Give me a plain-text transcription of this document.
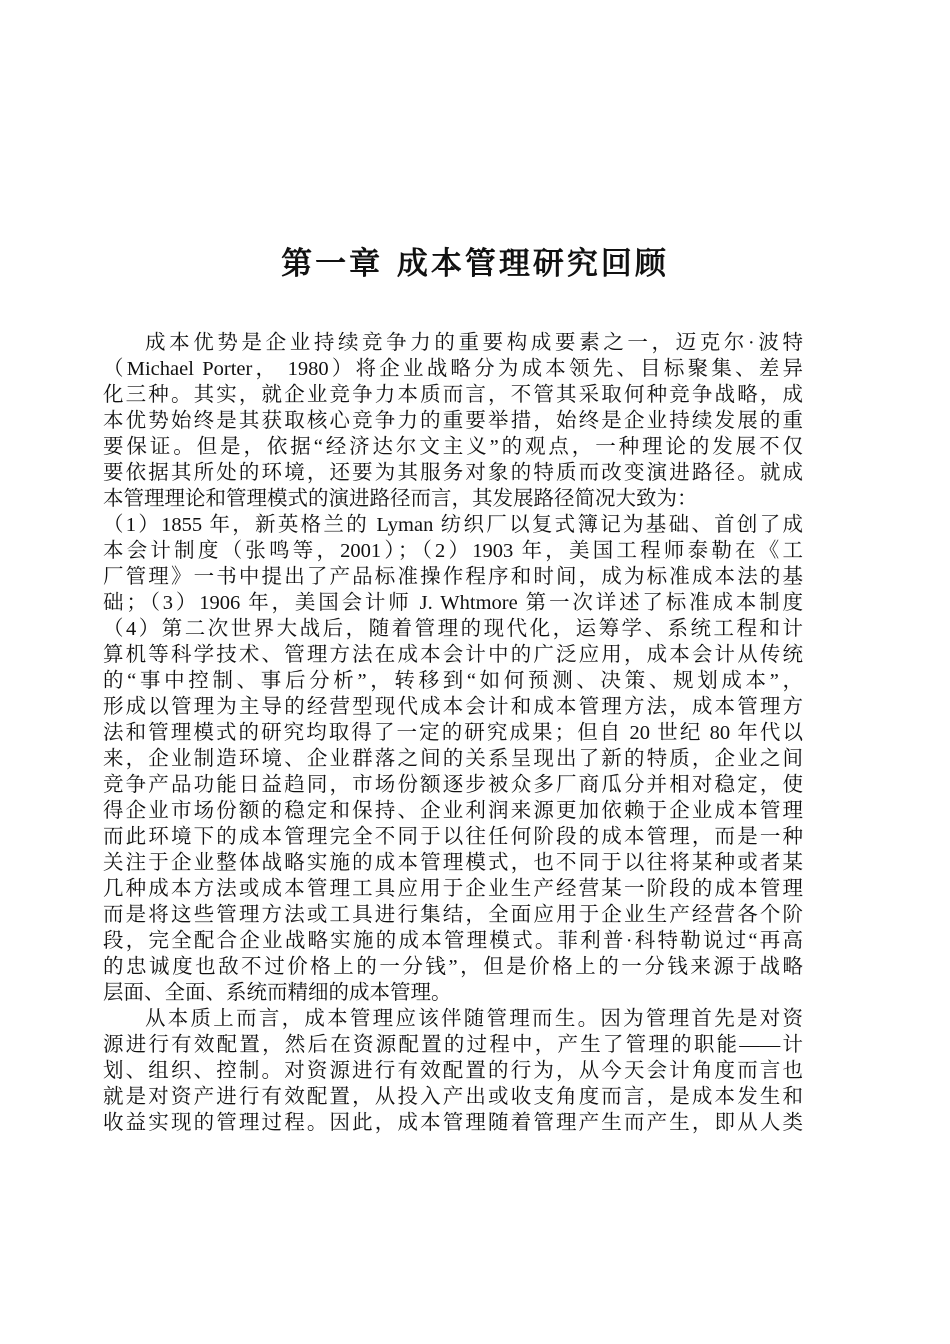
第一章 成本管理研究回顾
成本优势是企业持续竞争力的重要构成要素之一，迈克尔·波特
（Michael Porter， 1980）将企业战略分为成本领先、目标聚集、差异
化三种。其实，就企业竞争力本质而言，不管其采取何种竞争战略，成
本优势始终是其获取核心竞争力的重要举措，始终是企业持续发展的重
要保证。但是，依据“经济达尔文主义”的观点，一种理论的发展不仅
要依据其所处的环境，还要为其服务对象的特质而改变演进路径。就成
本管理理论和管理模式的演进路径而言，其发展路径简况大致为：
（1）1855 年，新英格兰的 Lyman 纺织厂以复式簿记为基础、首创了成
本会计制度（张鸣等，2001）；（2）1903 年，美国工程师泰勒在《工
厂管理》一书中提出了产品标准操作程序和时间，成为标准成本法的基
础；（3）1906 年，美国会计师 J. Whtmore 第一次详述了标准成本制度
（4）第二次世界大战后，随着管理的现代化，运筹学、系统工程和计
算机等科学技术、管理方法在成本会计中的广泛应用，成本会计从传统
的“事中控制、事后分析”，转移到“如何预测、决策、规划成本”，
形成以管理为主导的经营型现代成本会计和成本管理方法，成本管理方
法和管理模式的研究均取得了一定的研究成果；但自 20 世纪 80 年代以
来，企业制造环境、企业群落之间的关系呈现出了新的特质，企业之间
竞争产品功能日益趋同，市场份额逐步被众多厂商瓜分并相对稳定，使
得企业市场份额的稳定和保持、企业利润来源更加依赖于企业成本管理
而此环境下的成本管理完全不同于以往任何阶段的成本管理，而是一种
关注于企业整体战略实施的成本管理模式，也不同于以往将某种或者某
几种成本方法或成本管理工具应用于企业生产经营某一阶段的成本管理
而是将这些管理方法或工具进行集结，全面应用于企业生产经营各个阶
段，完全配合企业战略实施的成本管理模式。菲利普·科特勒说过“再高
的忠诚度也敌不过价格上的一分钱”，但是价格上的一分钱来源于战略
层面、全面、系统而精细的成本管理。
从本质上而言，成本管理应该伴随管理而生。因为管理首先是对资
源进行有效配置，然后在资源配置的过程中，产生了管理的职能——计
划、组织、控制。对资源进行有效配置的行为，从今天会计角度而言也
就是对资产进行有效配置，从投入产出或收支角度而言，是成本发生和
收益实现的管理过程。因此，成本管理随着管理产生而产生，即从人类
